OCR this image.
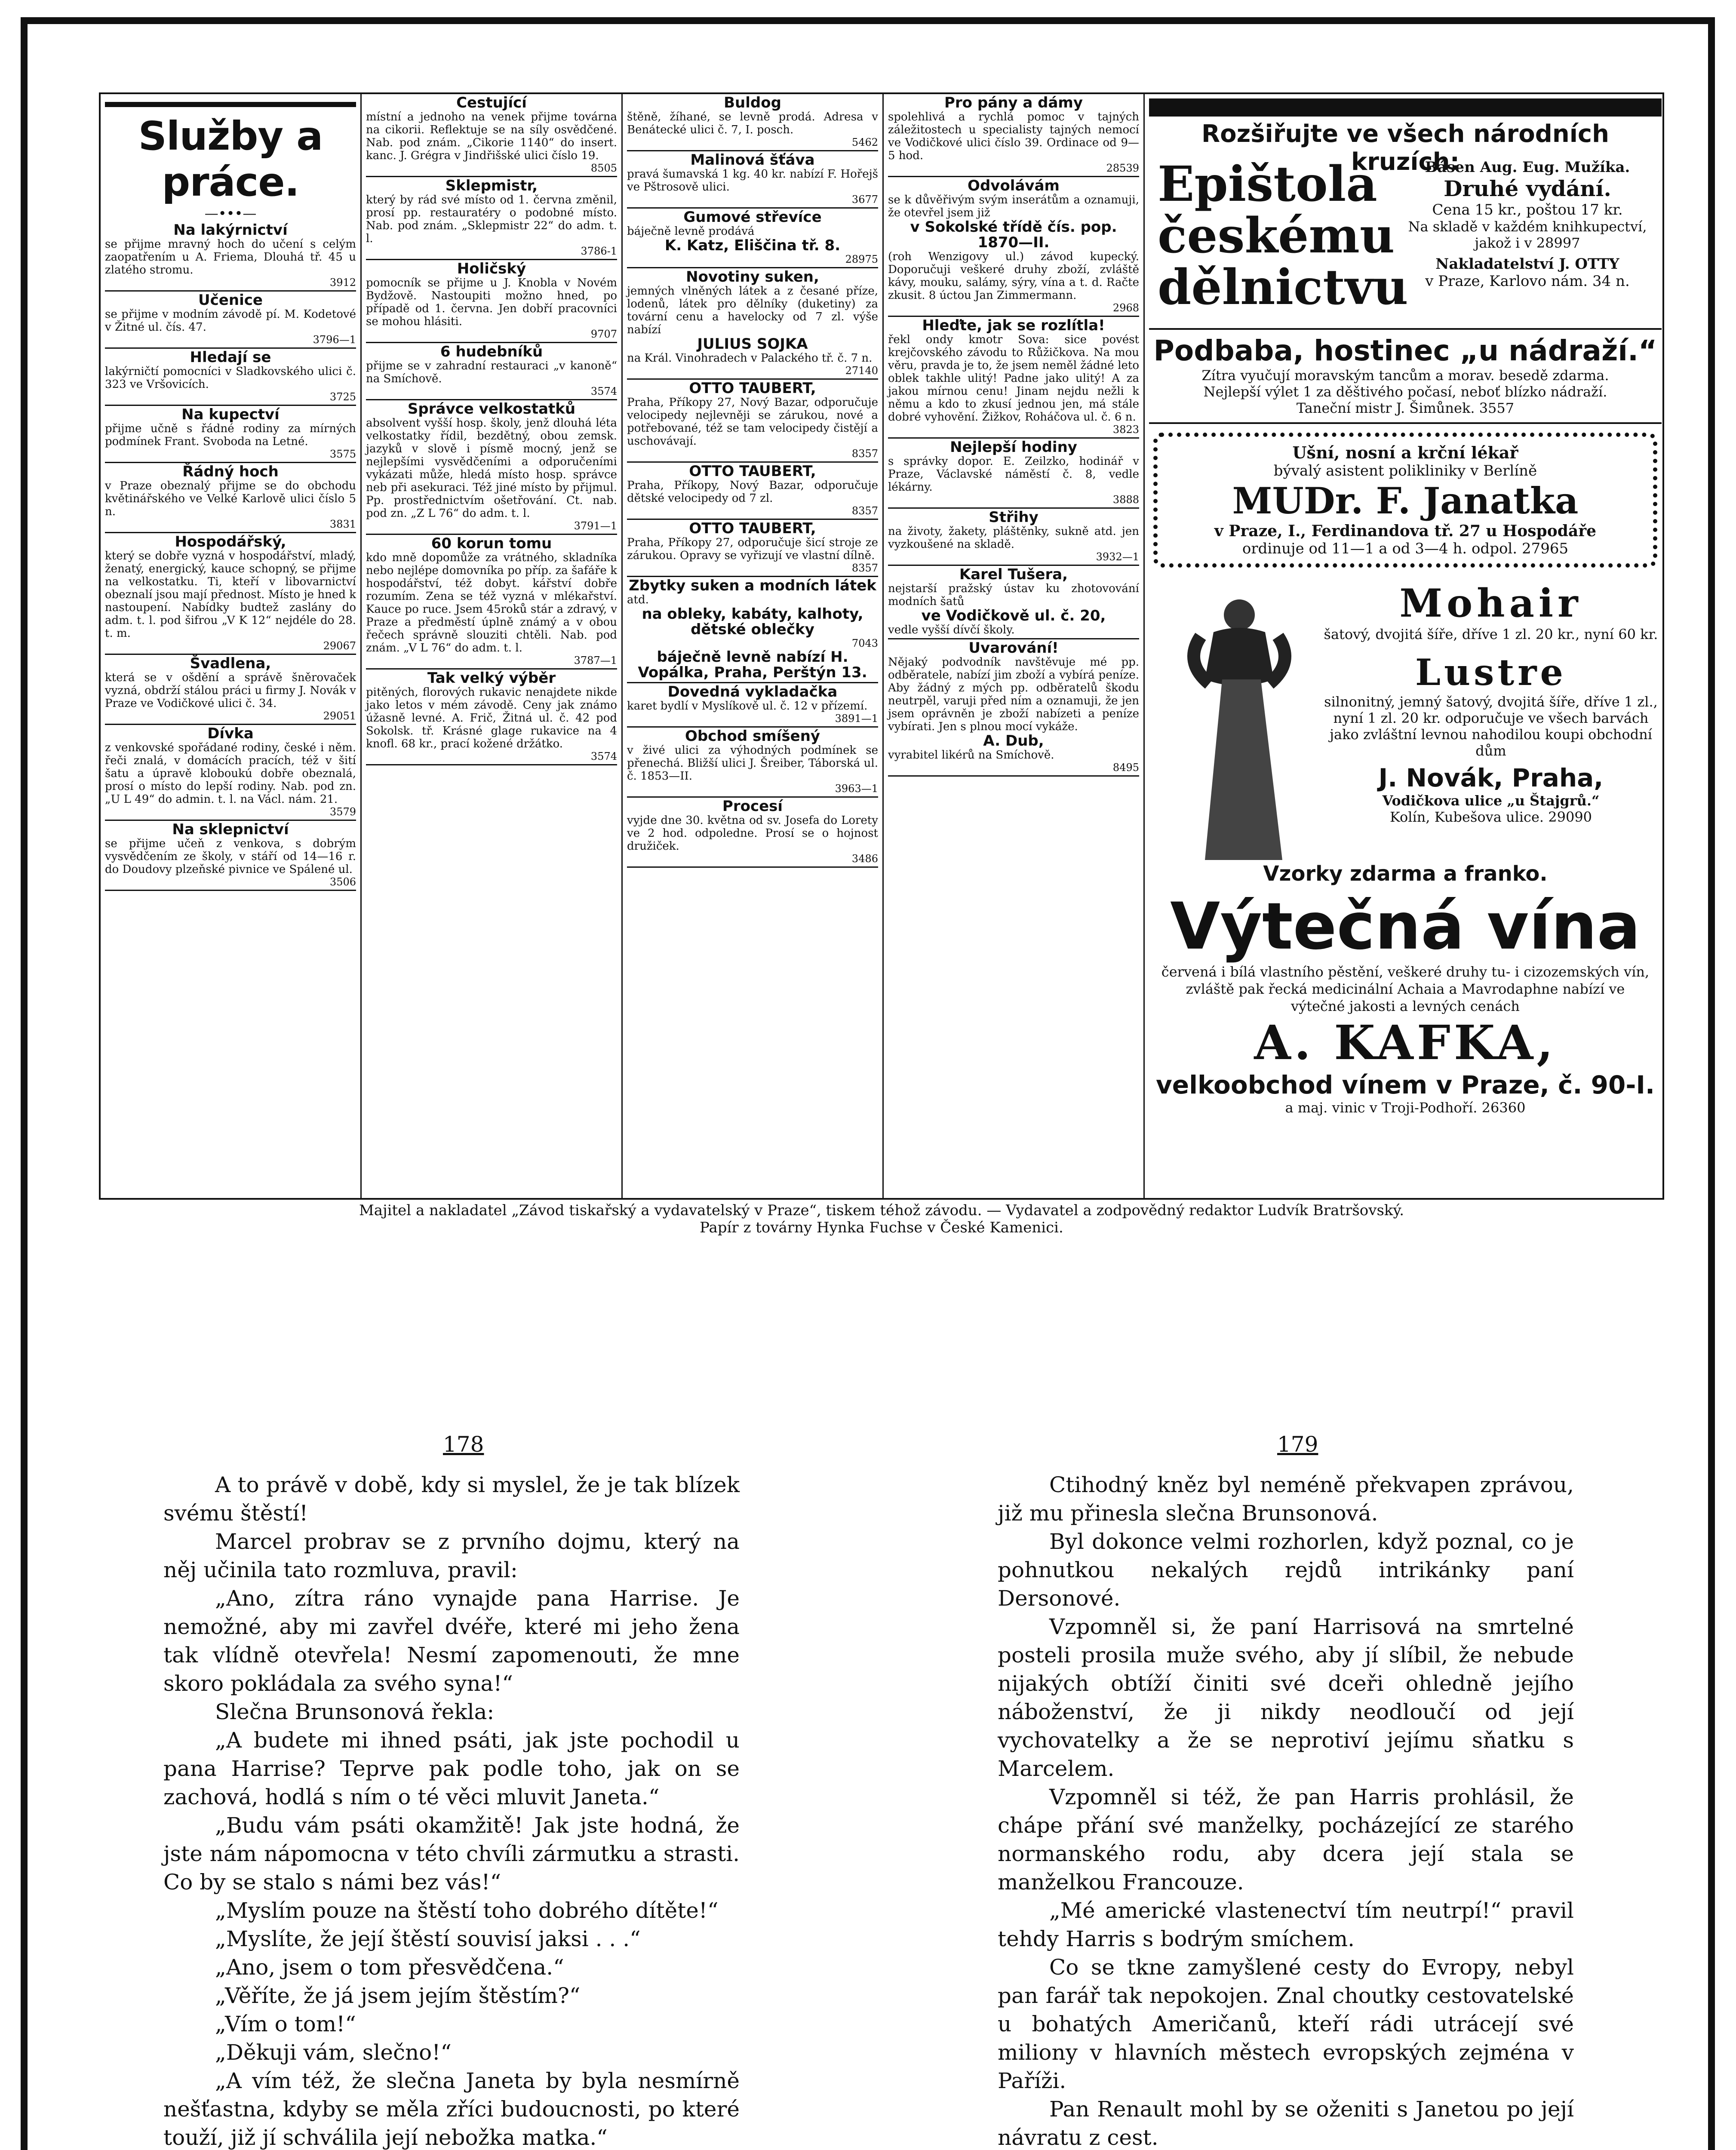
Služby a práce.
—•••—
Na lakýrnictví
se přijme mravný hoch do učení s celým zaopatřením u A. Friema, Dlouhá tř. 45 u zlatého stromu.
3912
Učenice
se přijme v modním závodě pí. M. Kodetové v Žitné ul. čís. 47.
3796—1
Hledají se
lakýrničtí pomocníci v Sladkovského ulici č. 323 ve Vršovicích.
3725
Na kupectví
přijme učně s řádné rodiny za mírných podmínek Frant. Svoboda na Letné.
3575
Řádný hoch
v Praze obeznalý přijme se do obchodu květinářského ve Velké Karlově ulici číslo 5 n.
3831
Hospodářský,
který se dobře vyzná v hospodářství, mladý, ženatý, energický, kauce schopný, se přijme na velkostatku. Ti, kteří v libovarnictví obeznalí jsou mají přednost. Místo je hned k nastoupení. Nabídky budtež zaslány do adm. t. l. pod šifrou „V K 12“ nejdéle do 28. t. m.
29067
Švadlena,
která se v ošdění a správě šněrovaček vyzná, obdrží stálou práci u firmy J. Novák v Praze ve Vodičkové ulici č. 34.
29051
Dívka
z venkovské spořádané rodiny, české i něm. řeči znalá, v domácích pracích, též v šití šatu a úpravě kloboukú dobře obeznalá, prosí o místo do lepší rodiny. Nab. pod zn. „U L 49“ do admin. t. l. na Václ. nám. 21.
3579
Na sklepnictví
se přijme učeň z venkova, s dobrým vysvědčením ze školy, v stáří od 14—16 r. do Doudovy plzeňské pivnice ve Spálené ul.
3506
Cestující
místní a jednoho na venek přijme továrna na cikorii. Reflektuje se na síly osvědčené. Nab. pod znám. „Cikorie 1140“ do insert. kanc. J. Grégra v Jindřišské ulici číslo 19.
8505
Sklepmistr,
který by rád své místo od 1. června změnil, prosí pp. restauratéry o podobné místo. Nab. pod znám. „Sklepmistr 22“ do adm. t. l.
3786-1
Holičský
pomocník se přijme u J. Knobla v Novém Bydžově. Nastoupiti možno hned, po případě od 1. června. Jen dobří pracovníci se mohou hlásiti.
9707
6 hudebníků
přijme se v zahradní restauraci „v kanoně“ na Smíchově.
3574
Správce velkostatků
absolvent vyšší hosp. školy, jenž dlouhá léta velkostatky řídil, bezdětný, obou zemsk. jazyků v slově i písmě mocný, jenž se nejlepšími vysvědčeními a odporučeními vykázati může, hledá místo hosp. správce neb při asekuraci. Též jiné místo by přijmul. Pp. prostřednictvím ošetřování. Ct. nab. pod zn. „Z L 76“ do adm. t. l.
3791—1
60 korun tomu
kdo mně dopomůže za vrátného, skladníka nebo nejlépe domovníka po příp. za šafáře k hospodářství, též dobyt. kářství dobře rozumím. Zena se též vyzná v mlékařství. Kauce po ruce. Jsem 45roků stár a zdravý, v Praze a předměstí úplně známý a v obou řečech správně slouziti chtěli. Nab. pod znám. „V L 76“ do adm. t. l.
3787—1
Tak velký výběr
pitěných, florových rukavic nenajdete nikde jako letos v mém závodě. Ceny jak známo úžasně levné. A. Frič, Žitná ul. č. 42 pod Sokolsk. tř. Krásné glage rukavice na 4 knofl. 68 kr., prací kožené držátko.
3574
Buldog
štěně, žíhané, se levně prodá. Adresa v Benátecké ulici č. 7, I. posch.
5462
Malinová šťáva
pravá šumavská 1 kg. 40 kr. nabízí F. Hořejš ve Pštrosově ulici.
3677
Gumové střevíce
báječně levně prodává
K. Katz, Eliščina tř. 8.
28975
Novotiny suken,
jemných vlněných látek a z česané příze, lodenů, látek pro dělníky (duketiny) za tovární cenu a havelocky od 7 zl. výše nabízí
JULIUS SOJKA
na Král. Vinohradech v Palackého tř. č. 7 n.
27140
OTTO TAUBERT,
Praha, Příkopy 27, Nový Bazar, odporučuje velocipedy nejlevněji se zárukou, nové a potřebované, též se tam velocipedy čistějí a uschovávají.
8357
OTTO TAUBERT,
Praha, Příkopy, Nový Bazar, odporučuje dětské velocipedy od 7 zl.
8357
OTTO TAUBERT,
Praha, Příkopy 27, odporučuje šicí stroje ze zárukou. Opravy se vyřizují ve vlastní dílně.
8357
Zbytky suken a modních látek
atd.
na obleky, kabáty, kalhoty, dětské oblečky
7043
báječně levně nabízí H. Vopálka, Praha, Perštýn 13.
Dovedná vykladačka
karet bydlí v Myslíkově ul. č. 12 v přízemí.
3891—1
Obchod smíšený
v živé ulici za výhodných podmínek se přenechá. Bližší ulici J. Šreiber, Táborská ul. č. 1853—II.
3963—1
Procesí
vyjde dne 30. května od sv. Josefa do Lorety ve 2 hod. odpoledne. Prosí se o hojnost družiček.
3486
Pro pány a dámy
spolehlivá a rychlá pomoc v tajných záležitostech u specialisty tajných nemocí ve Vodičkové ulici číslo 39. Ordinace od 9—5 hod.
28539
Odvolávám
se k důvěřivým svým inserátům a oznamuji, že otevřel jsem již
v Sokolské třídě čís. pop. 1870—II.
(roh Wenzigovy ul.) závod kupecký. Doporučuji veškeré druhy zboží, zvláště kávy, mouku, salámy, sýry, vína a t. d. Račte zkusit. 8 úctou Jan Zimmermann.
2968
Hleďte, jak se rozlítla!
řekl ondy kmotr Sova: sice povést krejčovského závodu to Růžičkova. Na mou věru, pravda je to, že jsem neměl žádné leto oblek takhle ulitý! Padne jako ulitý! A za jakou mírnou cenu! Jinam nejdu nežli k němu a kdo to zkusí jednou jen, má stále dobré vyhovění. Žižkov, Roháčova ul. č. 6 n.
3823
Nejlepší hodiny
s správky dopor. E. Zeilzko, hodinář v Praze, Václavské náměstí č. 8, vedle lékárny.
3888
Střihy
na životy, žakety, pláštěnky, sukně atd. jen vyzkoušené na skladě.
3932—1
Karel Tušera,
nejstarší pražský ústav ku zhotovování modních šatů
ve Vodičkově ul. č. 20,
vedle vyšší dívčí školy.
Uvarování!
Nějaký podvodník navštěvuje mé pp. odběratele, nabízí jim zboží a vybírá peníze. Aby žádný z mých pp. odběratelů škodu neutrpěl, varuji před ním a oznamuji, že jen jsem oprávněn je zboží nabízeti a peníze vybírati. Jen s plnou mocí vykáže.
A. Dub,
vyrabitel likérů na Smíchově.
8495
Rozšiřujte ve všech národních kruzích:
Epištola
českému
dělnictvu
Básen Aug. Eug. Mužíka.
Druhé vydání.
Cena 15 kr., poštou 17 kr.
Na skladě v každém knihkupectví, jakož i v 28997
Nakladatelství J. OTTY
v Praze, Karlovo nám. 34 n.
Podbaba, hostinec „u nádraží.“
Zítra vyučují moravským tancům a morav. besedě zdarma.
Nejlepší výlet 1 za děštivého počasí, neboť blízko nádraží.
Taneční mistr J. Šimůnek. 3557
Ušní, nosní a krční lékař
bývalý asistent polikliniky v Berlíně
MUDr. F. Janatka
v Praze, I., Ferdinandova tř. 27 u Hospodáře
ordinuje od 11—1 a od 3—4 h. odpol. 27965
Mohair
šatový, dvojitá šíře, dříve 1 zl. 20 kr., nyní 60 kr.
Lustre
silnonitný, jemný šatový, dvojitá šíře, dříve 1 zl., nyní 1 zl. 20 kr. odporučuje ve všech barvách jako zvláštní levnou nahodilou koupi obchodní dům
J. Novák, Praha,
Vodičkova ulice „u Štajgrů.“
Kolín, Kubešova ulice. 29090
Vzorky zdarma a franko.
Výtečná vína
červená i bílá vlastního pěstění, veškeré druhy tu- i cizozemských vín, zvláště pak řecká medicinální Achaia a Mavrodaphne nabízí ve výtečné jakosti a levných cenách
A. KAFKA,
velkoobchod vínem v Praze, č. 90-I.
a maj. vinic v Troji-Podhoří. 26360
Majitel a nakladatel „Závod tiskařský a vydavatelský v Praze“, tiskem téhož závodu. — Vydavatel a zodpovědný redaktor Ludvík Bratršovský.
Papír z továrny Hynka Fuchse v České Kamenici.
178	179

A to právě v době, kdy si myslel, že je tak blízek svému štěstí!

Marcel probrav se z prvního dojmu, který na něj učinila tato rozmluva, pravil:

„Ano, zítra ráno vynajde pana Harrise. Je nemožné, aby mi zavřel dvéře, které mi jeho žena tak vlídně otevřela! Nesmí zapomenouti, že mne skoro pokládala za svého syna!“

Slečna Brunsonová řekla:

„A budete mi ihned psáti, jak jste pochodil u pana Harrise? Teprve pak podle toho, jak on se zachová, hodlá s ním o té věci mluvit Janeta.“

„Budu vám psáti okamžitě! Jak jste hodná, že jste nám nápomocna v této chvíli zármutku a strasti. Co by se stalo s námi bez vás!“

„Myslím pouze na štěstí toho dobrého dítěte!“

„Myslíte, že její štěstí souvisí jaksi . . .“

„Ano, jsem o tom přesvědčena.“

„Věříte, že já jsem jejím štěstím?“

„Vím o tom!“

„Děkuji vám, slečno!“

„A vím též, že slečna Janeta by byla nesmírně nešťastna, kdyby se měla zříci budoucnosti, po které touží, již jí schválila její nebožka matka.“

Ctihodný kněz byl neméně překvapen zprávou, již mu přinesla slečna Brunsonová.

Byl dokonce velmi rozhorlen, když poznal, co je pohnutkou nekalých rejdů intrikánky paní Dersonové.

Vzpomněl si, že paní Harrisová na smrtelné posteli prosila muže svého, aby jí slíbil, že nebude nijakých obtíží činiti své dceři ohledně jejího náboženství, že ji nikdy neodloučí od její vychovatelky a že se neprotiví jejímu sňatku s Marcelem.

Vzpomněl si též, že pan Harris prohlásil, že chápe přání své manželky, pocházející ze starého normanského rodu, aby dcera její stala se manželkou Francouze.

„Mé americké vlastenectví tím neutrpí!“ pravil tehdy Harris s bodrým smíchem.

Co se tkne zamyšlené cesty do Evropy, nebyl pan farář tak nepokojen. Znal choutky cestovatelské u bohatých Američanů, kteří rádi utrácejí své miliony v hlavních městech evropských zejména v Paříži.

Pan Renault mohl by se oženiti s Janetou po její návratu z cest.
